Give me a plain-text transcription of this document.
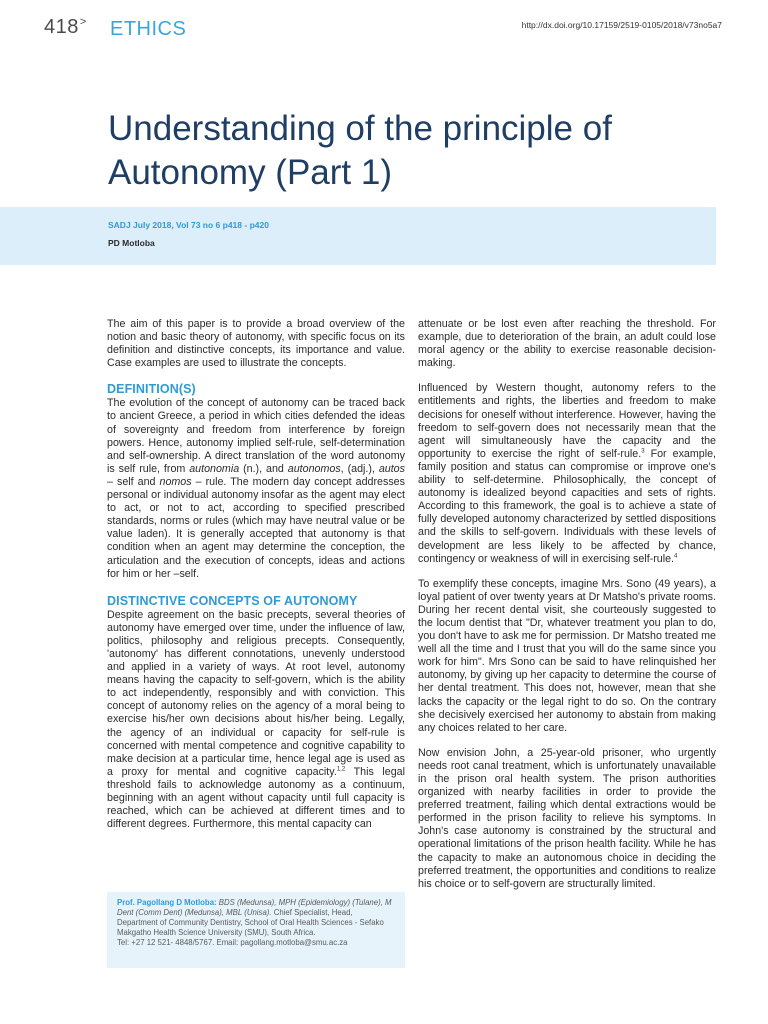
418> ETHICS	http://dx.doi.org/10.17159/2519-0105/2018/v73no5a7
Understanding of the principle of
Autonomy (Part 1)
SADJ July 2018, Vol 73 no 6 p418 - p420
PD Motloba

The aim of this paper is to provide a broad overview of the notion and basic theory of autonomy, with specific focus on its definition and distinctive concepts, its importance and value. Case examples are used to illustrate the concepts.

DEFINITION(S)

The evolution of the concept of autonomy can be traced back to ancient Greece, a period in which cities defended the ideas of sovereignty and freedom from interference by foreign powers. Hence, autonomy implied self-rule, self-determination and self-ownership. A direct translation of the word autonomy is self rule, from autonomia (n.), and autonomos, (adj.), autos – self and nomos – rule. The modern day concept addresses personal or individual autonomy insofar as the agent may elect to act, or not to act, according to specified prescribed standards, norms or rules (which may have neutral value or be value laden). It is generally accepted that autonomy is that condition when an agent may determine the conception, the articulation and the execution of concepts, ideas and actions for him or her –self.

DISTINCTIVE CONCEPTS OF AUTONOMY

Despite agreement on the basic precepts, several theories of autonomy have emerged over time, under the influence of law, politics, philosophy and religious precepts. Consequently, 'autonomy' has different connotations, unevenly understood and applied in a variety of ways. At root level, autonomy means having the capacity to self-govern, which is the ability to act independently, responsibly and with conviction. This concept of autonomy relies on the agency of a moral being to exercise his/her own decisions about his/her being. Legally, the agency of an individual or capacity for self-rule is concerned with mental competence and cognitive capability to make decision at a particular time, hence legal age is used as a proxy for mental and cognitive capacity.$^{1,2}$ This legal threshold fails to acknowledge autonomy as a continuum, beginning with an agent without capacity until full capacity is reached, which can be achieved at different times and to different degrees. Furthermore, this mental capacity can

Prof. Pagollang D Motloba: BDS (Medunsa), MPH (Epidemiology) (Tulane), M Dent (Comm Dent) (Medunsa), MBL (Unisa). Chief Specialist, Head, Department of Community Dentistry, School of Oral Health Sciences - Sefako Makgatho Health Science University (SMU), South Africa.
Tel: +27 12 521- 4848/5767. Email: pagollang.motloba@smu.ac.za

attenuate or be lost even after reaching the threshold. For example, due to deterioration of the brain, an adult could lose moral agency or the ability to exercise reasonable decision-making.

Influenced by Western thought, autonomy refers to the entitlements and rights, the liberties and freedom to make decisions for oneself without interference. However, having the freedom to self-govern does not necessarily mean that the agent will simultaneously have the capacity and the opportunity to exercise the right of self-rule.$^3$ For example, family position and status can compromise or improve one's ability to self-determine. Philosophically, the concept of autonomy is idealized beyond capacities and sets of rights. According to this framework, the goal is to achieve a state of fully developed autonomy characterized by settled dispositions and the skills to self-govern. Individuals with these levels of development are less likely to be affected by chance, contingency or weakness of will in exercising self-rule.$^4$

To exemplify these concepts, imagine Mrs. Sono (49 years), a loyal patient of over twenty years at Dr Matsho's private rooms. During her recent dental visit, she courteously suggested to the locum dentist that "Dr, whatever treatment you plan to do, you don't have to ask me for permission. Dr Matsho treated me well all the time and I trust that you will do the same since you work for him". Mrs Sono can be said to have relinquished her autonomy, by giving up her capacity to determine the course of her dental treatment. This does not, however, mean that she lacks the capacity or the legal right to do so. On the contrary she decisively exercised her autonomy to abstain from making any choices related to her care.

Now envision John, a 25-year-old prisoner, who urgently needs root canal treatment, which is unfortunately unavailable in the prison oral health system. The prison authorities organized with nearby facilities in order to provide the preferred treatment, failing which dental extractions would be performed in the prison facility to relieve his symptoms. In John's case autonomy is constrained by the structural and operational limitations of the prison health facility. While he has the capacity to make an autonomous choice in deciding the preferred treatment, the opportunities and conditions to realize his choice or to self-govern are structurally limited.
